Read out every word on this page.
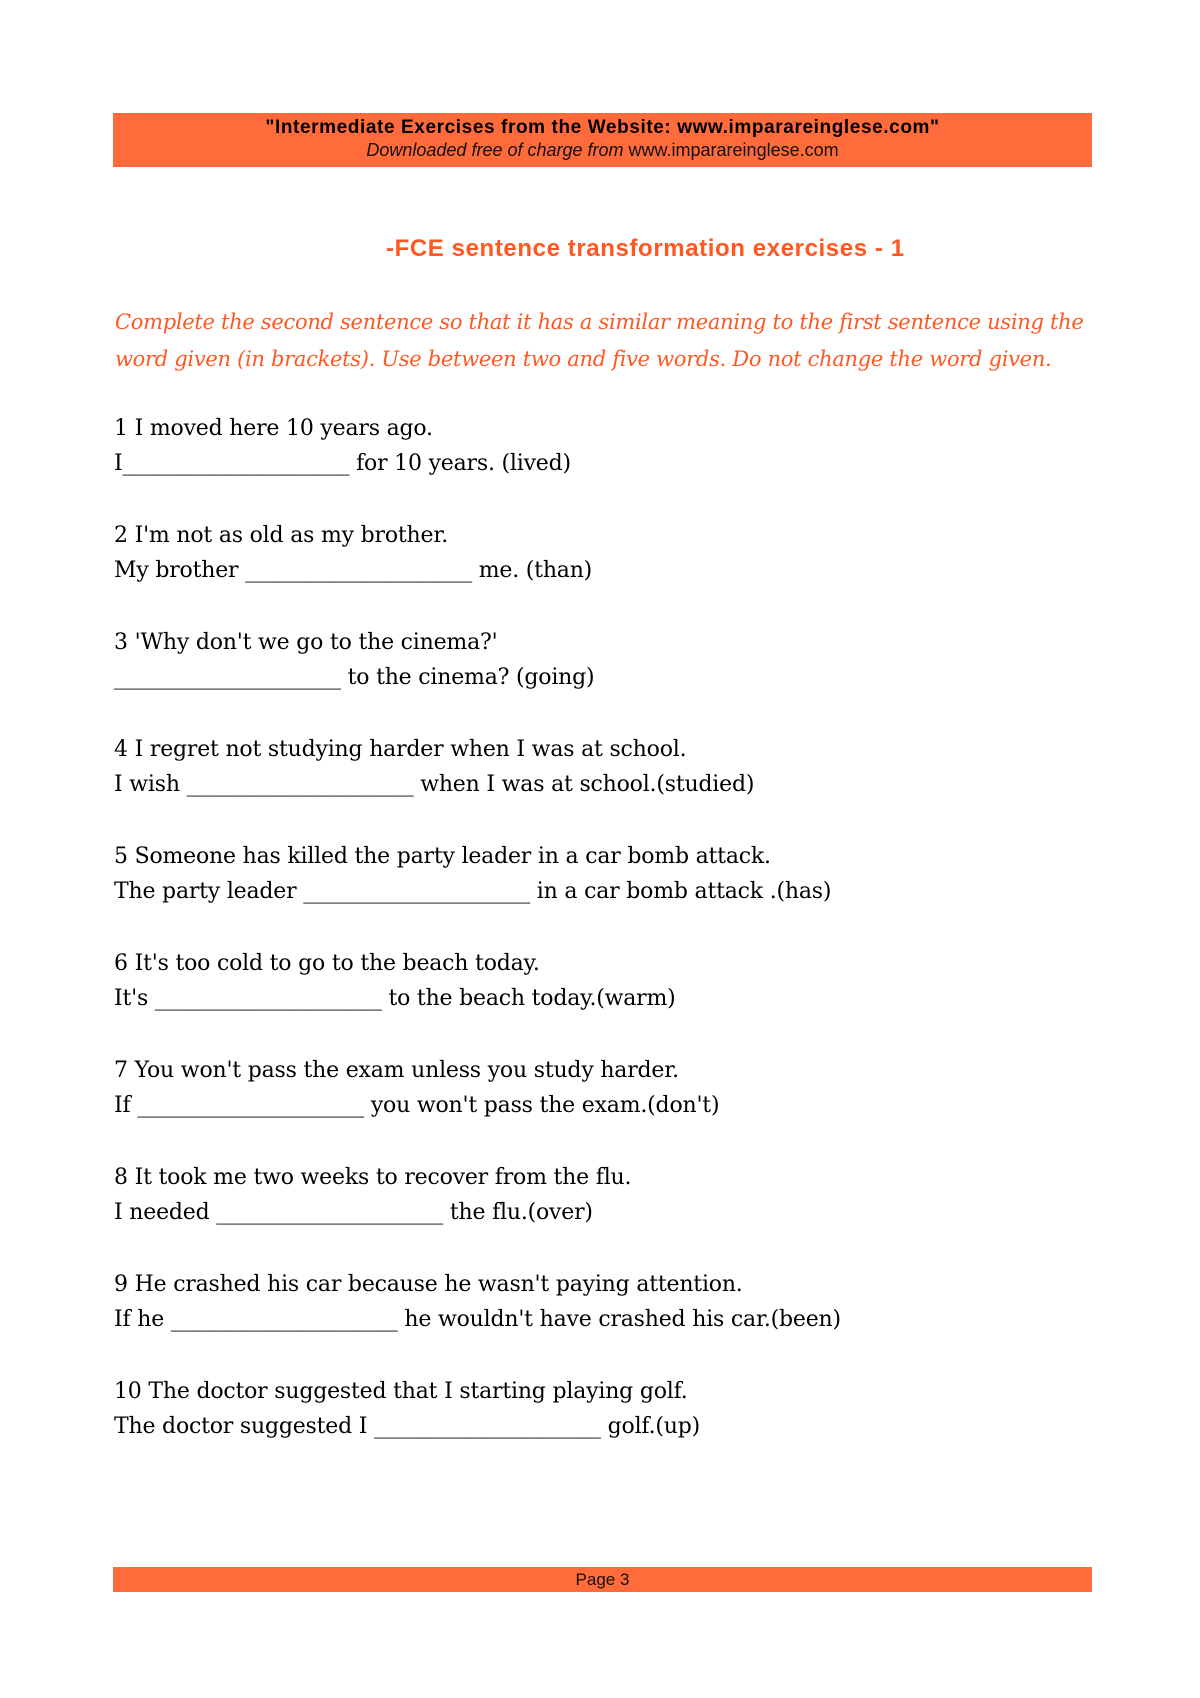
"Intermediate Exercises from the Website: www.impararеinglese.com"
Downloaded free of charge from www.impararеinglese.com
-FCE sentence transformation exercises - 1

Complete the second sentence so that it has a similar meaning to the first sentence using the word given (in brackets). Use between two and five words. Do not change the word given.

1 I moved here 10 years ago.

I_____________________ for 10 years. (lived)

2 I'm not as old as my brother.

My brother _____________________ me. (than)

3 'Why don't we go to the cinema?'

_____________________ to the cinema? (going)

4 I regret not studying harder when I was at school.

I wish _____________________ when I was at school.(studied)

5 Someone has killed the party leader in a car bomb attack.

The party leader _____________________ in a car bomb attack .(has)

6 It's too cold to go to the beach today.

It's _____________________ to the beach today.(warm)

7 You won't pass the exam unless you study harder.

If _____________________ you won't pass the exam.(don't)

8 It took me two weeks to recover from the flu.

I needed _____________________ the flu.(over)

9 He crashed his car because he wasn't paying attention.

If he _____________________ he wouldn't have crashed his car.(been)

10 The doctor suggested that I starting playing golf.

The doctor suggested I _____________________ golf.(up)

Page 3
